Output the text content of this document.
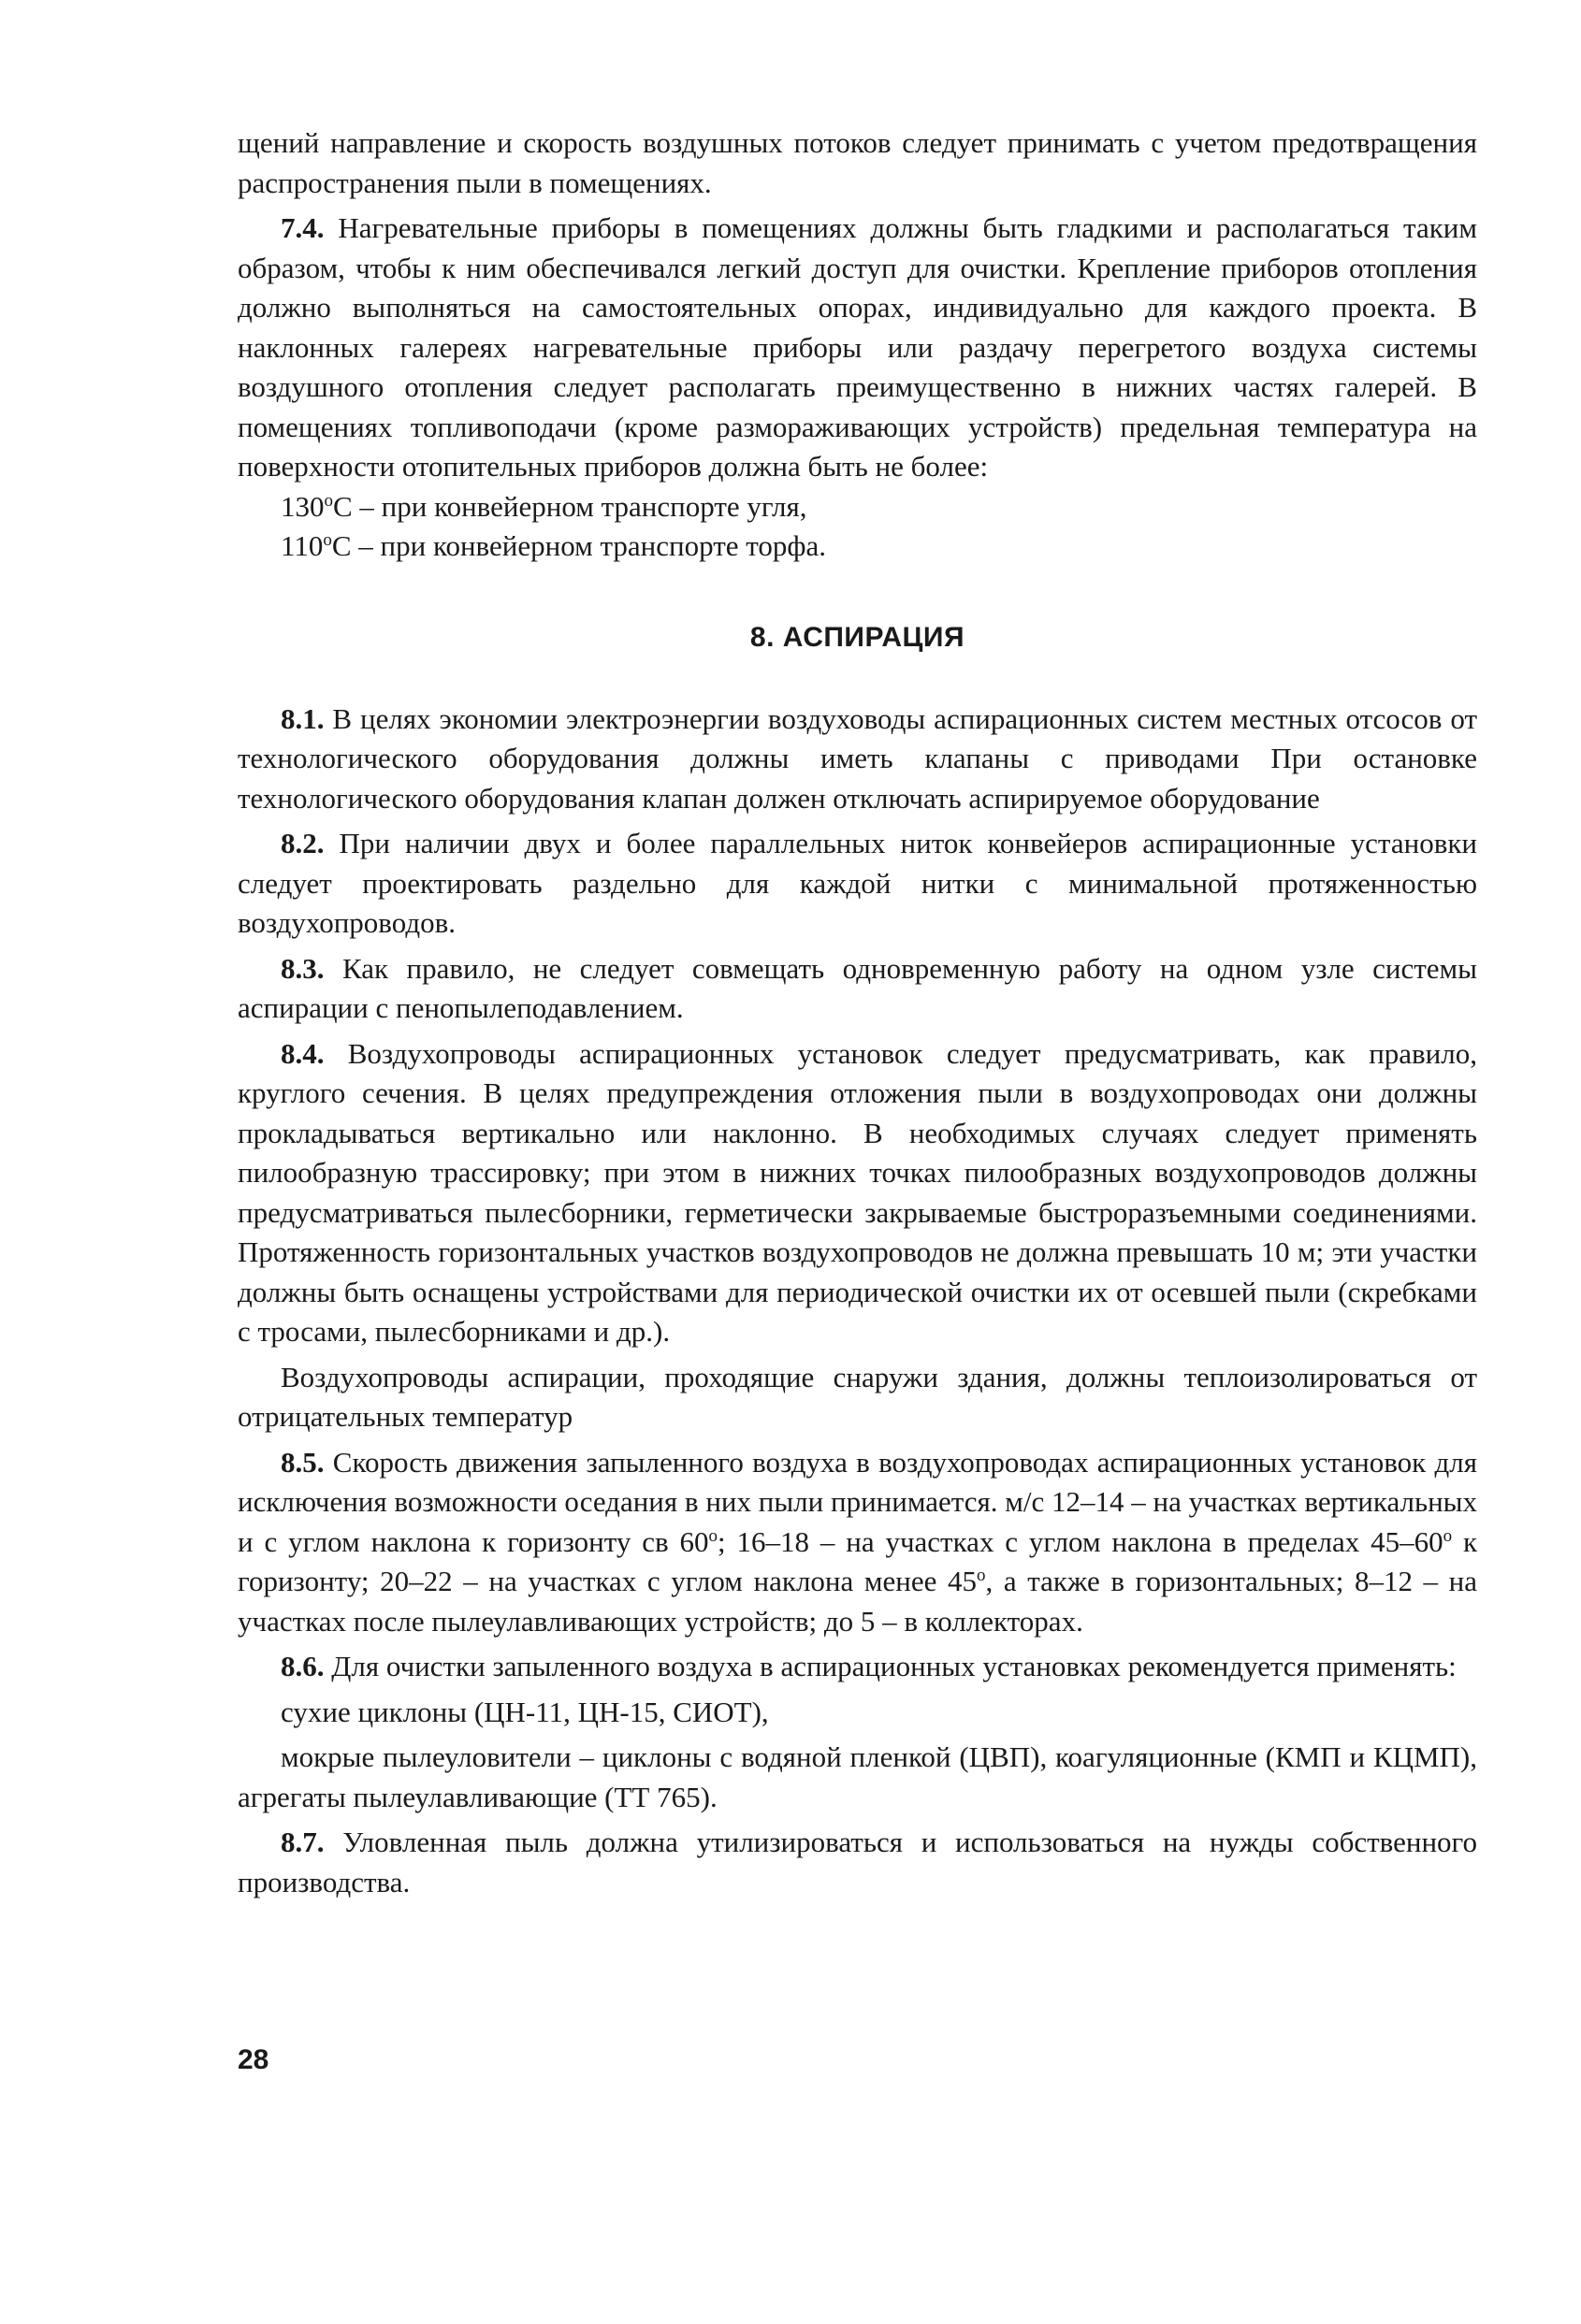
щений направление и скорость воздушных потоков следует принимать с учетом предотвращения распространения пыли в помещениях.

7.4. Нагревательные приборы в помещениях должны быть гладкими и располагаться таким образом, чтобы к ним обеспечивался легкий доступ для очистки. Крепление приборов отопления должно выполняться на самостоятельных опорах, индивидуально для каждого проекта. В наклонных галереях нагревательные приборы или раздачу перегретого воздуха системы воздушного отопления следует располагать преимущественно в нижних частях галерей. В помещениях топливоподачи (кроме размораживающих устройств) предельная температура на поверхности отопительных приборов должна быть не более:

$130^оС$ – при конвейерном транспорте угля,

$110^оС$ – при конвейерном транспорте торфа.

8. АСПИРАЦИЯ

8.1. В целях экономии электроэнергии воздуховоды аспирационных систем местных отсосов от технологического оборудования должны иметь клапаны с приводами При остановке технологического оборудования клапан должен отключать аспирируемое оборудование

8.2. При наличии двух и более параллельных ниток конвейеров аспирационные установки следует проектировать раздельно для каждой нитки с минимальной протяженностью воздухопроводов.

8.3. Как правило, не следует совмещать одновременную работу на одном узле системы аспирации с пенопылеподавлением.

8.4. Воздухопроводы аспирационных установок следует предусматривать, как правило, круглого сечения. В целях предупреждения отложения пыли в воздухопроводах они должны прокладываться вертикально или наклонно. В необходимых случаях следует применять пилообразную трассировку; при этом в нижних точках пилообразных воздухопроводов должны предусматриваться пылесборники, герметически закрываемые быстроразъемными соединениями. Протяженность горизонтальных участков воздухопроводов не должна превышать 10 м; эти участки должны быть оснащены устройствами для периодической очистки их от осевшей пыли (скребками с тросами, пылесборниками и др.).

Воздухопроводы аспирации, проходящие снаружи здания, должны теплоизолироваться от отрицательных температур

8.5. Скорость движения запыленного воздуха в воздухопроводах аспирационных установок для исключения возможности оседания в них пыли принимается. м/с 12–14 – на участках вертикальных и с углом наклона к горизонту св $60^о$; 16–18 – на участках с углом наклона в пределах $45-60^о$ к горизонту; 20–22 – на участках с углом наклона менее $45^о$, а также в горизонтальных; 8–12 – на участках после пылеулавливающих устройств; до 5 – в коллекторах.

8.6. Для очистки запыленного воздуха в аспирационных установках рекомендуется применять:

сухие циклоны (ЦН-11, ЦН-15, СИОТ),

мокрые пылеуловители – циклоны с водяной пленкой (ЦВП), коагуляционные (КМП и КЦМП), агрегаты пылеулавливающие (ТТ 765).

8.7. Уловленная пыль должна утилизироваться и использоваться на нужды собственного производства.

28
